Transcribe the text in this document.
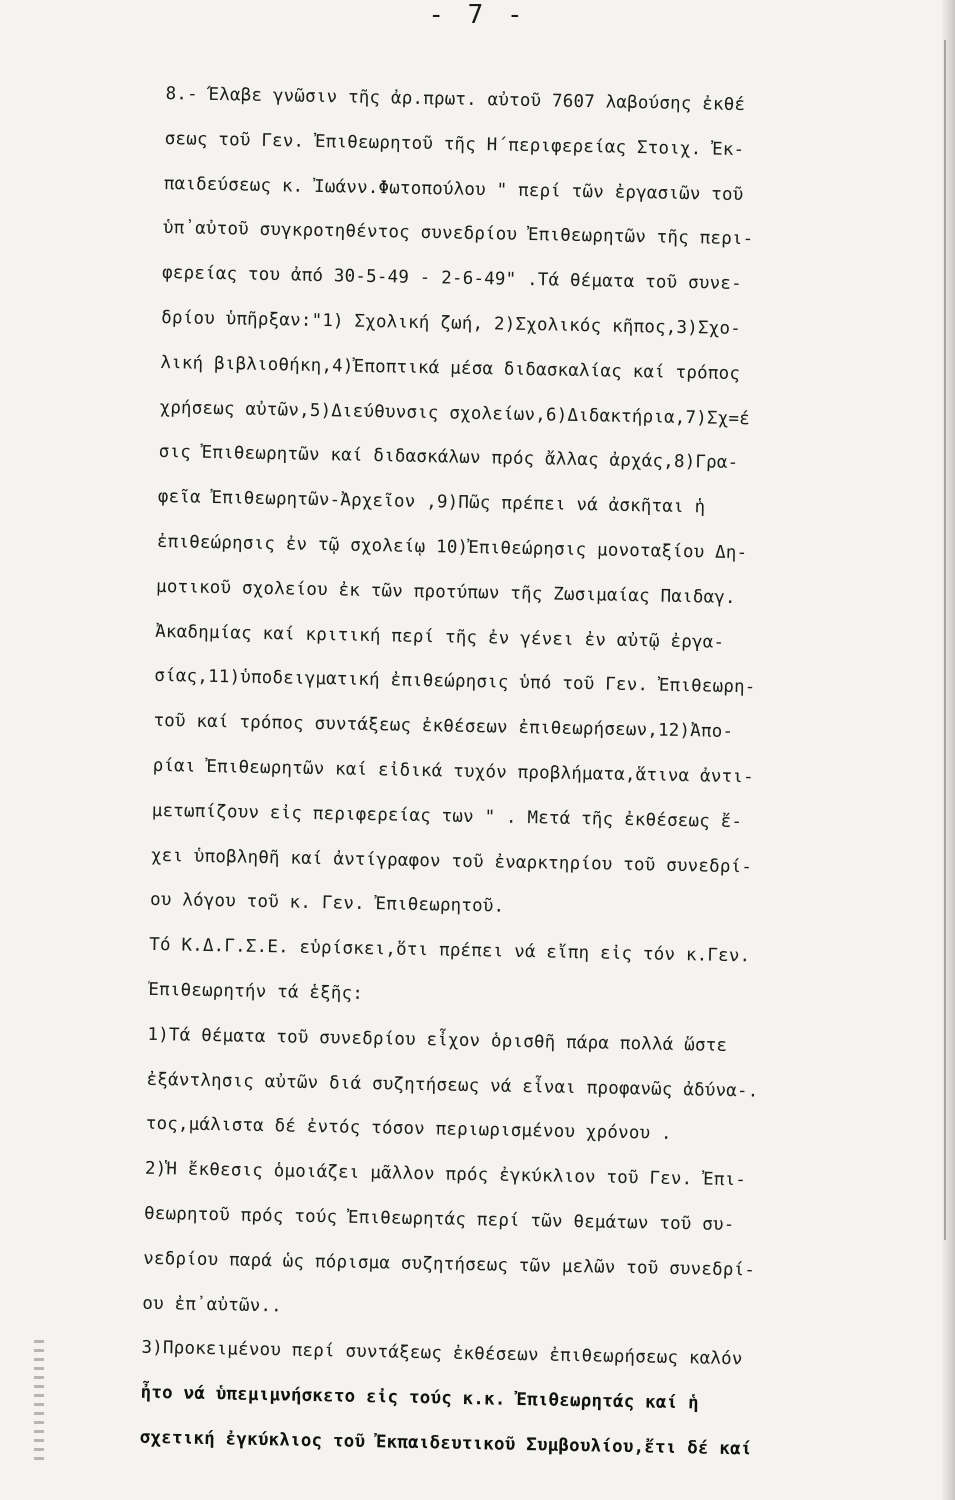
- 7 -
8.- Έλαβε γνῶσιν τῆς ἀρ.πρωτ. αὐτοῦ 7607 λαβούσης ἐκθέ
σεως τοῦ Γεν. Ἐπιθεωρητοῦ τῆς Η΄περιφερείας Στοιχ. Ἐκ-
παιδεύσεως κ. Ἰωάνν.Φωτοπούλου " περί τῶν ἐργασιῶν τοῦ
ὑπ᾽αὐτοῦ συγκροτηθέντος συνεδρίου Ἐπιθεωρητῶν τῆς περι-
φερείας του ἀπό 30-5-49 - 2-6-49" .Τά θέματα τοῦ συνε-
δρίου ὑπῆρξαν:"1) Σχολική ζωή, 2)Σχολικός κῆπος,3)Σχο-
λική βιβλιοθήκη,4)Ἐποπτικά μέσα διδασκαλίας καί τρόπος
χρήσεως αὐτῶν,5)Διεύθυνσις σχολείων,6)Διδακτήρια,7)Σχ=έ
σις Ἐπιθεωρητῶν καί διδασκάλων πρός ἄλλας ἀρχάς,8)Γρα-
φεῖα Ἐπιθεωρητῶν-Ἀρχεῖον ,9)Πῶς πρέπει νά ἀσκῆται ἡ
ἐπιθεώρησις ἐν τῷ σχολείῳ 10)Ἐπιθεώρησις μονοταξίου Δη-
μοτικοῦ σχολείου ἐκ τῶν προτύπων τῆς Ζωσιμαίας Παιδαγ.
Ἀκαδημίας καί κριτική περί τῆς ἐν γένει ἐν αὐτῷ ἐργα-
σίας,11)ὑποδειγματική ἐπιθεώρησις ὑπό τοῦ Γεν. Ἐπιθεωρη-
τοῦ καί τρόπος συντάξεως ἐκθέσεων ἐπιθεωρήσεων,12)Ἀπο-
ρίαι Ἐπιθεωρητῶν καί εἰδικά τυχόν προβλήματα,ἅτινα ἀντι-
μετωπίζουν εἰς περιφερείας των " . Μετά τῆς ἐκθέσεως ἔ-
χει ὑποβληθῆ καί ἀντίγραφον τοῦ ἐναρκτηρίου τοῦ συνεδρί-
ου λόγου τοῦ κ. Γεν. Ἐπιθεωρητοῦ.
Τό Κ.Δ.Γ.Σ.Ε. εὑρίσκει,ὅτι πρέπει νά εἴπη εἰς τόν κ.Γεν.
Ἐπιθεωρητήν τά ἑξῆς:
1)Τά θέματα τοῦ συνεδρίου εἶχον ὁρισθῆ πάρα πολλά ὥστε
ἐξάντλησις αὐτῶν διά συζητήσεως νά εἶναι προφανῶς ἀδύνα-.
τος,μάλιστα δέ ἐντός τόσον περιωρισμένου χρόνου .
2)Ἡ ἔκθεσις ὁμοιάζει μᾶλλον πρός ἐγκύκλιον τοῦ Γεν. Ἐπι-
θεωρητοῦ πρός τούς Ἐπιθεωρητάς περί τῶν θεμάτων τοῦ συ-
νεδρίου παρά ὡς πόρισμα συζητήσεως τῶν μελῶν τοῦ συνεδρί-
ου ἐπ᾽αὐτῶν..
3)Προκειμένου περί συντάξεως ἐκθέσεων ἐπιθεωρήσεως καλόν
ἦτο νά ὑπεμιμνήσκετο εἰς τούς κ.κ. Ἐπιθεωρητάς καί ἡ
σχετική ἐγκύκλιος τοῦ Ἐκπαιδευτικοῦ Συμβουλίου,ἔτι δέ καί
